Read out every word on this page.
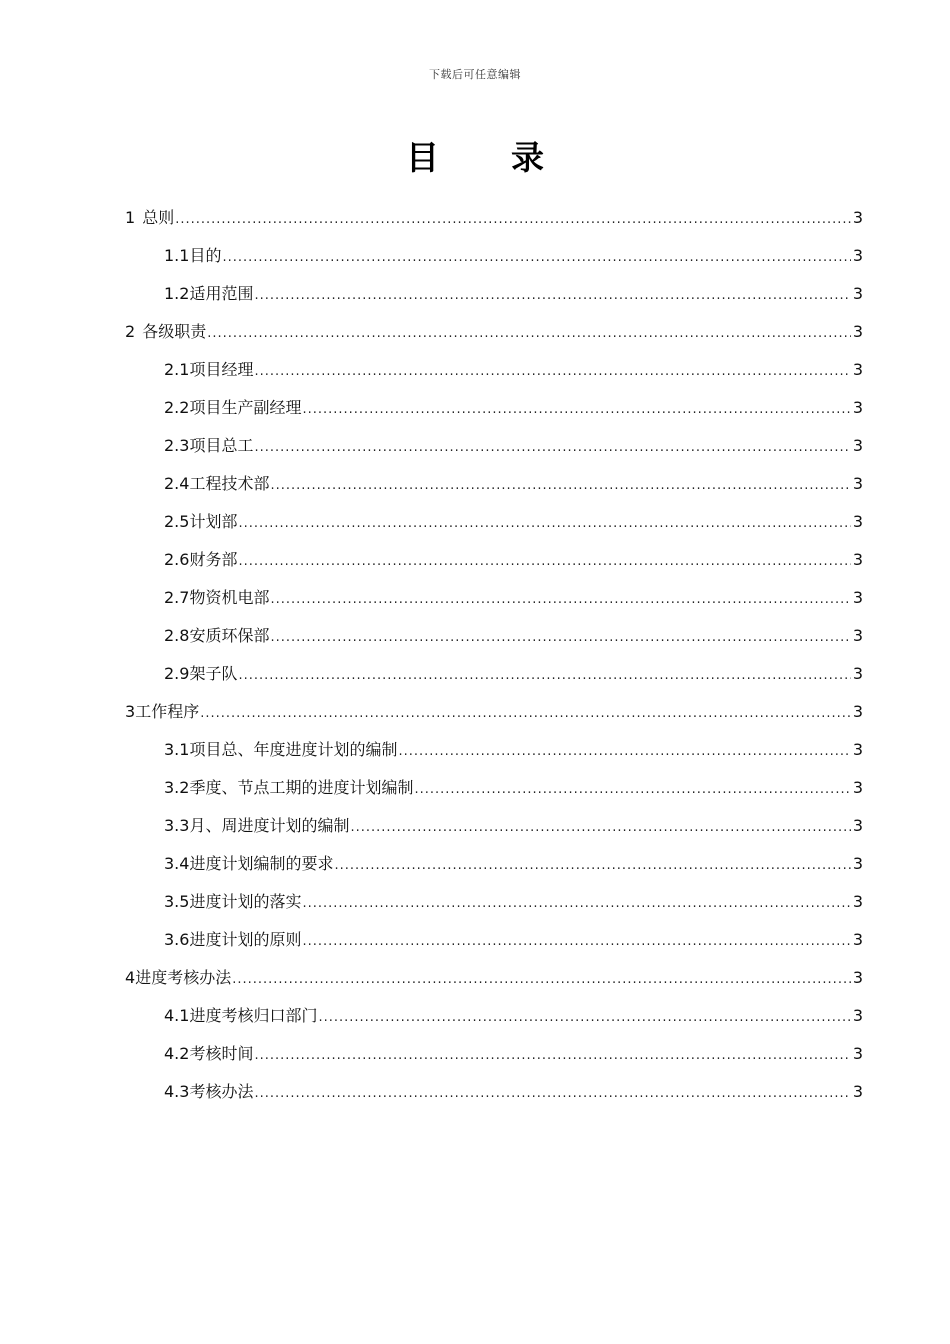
下载后可任意编辑
目 录
1 总则 .....	3
1.1 目的 .....	3
1.2 适用范围 .....	3
2 各级职责 .....	3
2.1 项目经理 .....	3
2.2 项目生产副经理 .....	3
2.3 项目总工 .....	3
2.4 工程技术部 .....	3
2.5 计划部 .....	3
2.6 财务部 .....	3
2.7 物资机电部 .....	3
2.8 安质环保部 .....	3
2.9 架子队 .....	3
3 工作程序 .....	3
3.1 项目总、年度进度计划的编制 .....	3
3.2 季度、节点工期的进度计划编制 .....	3
3.3 月、周进度计划的编制 .....	3
3.4 进度计划编制的要求 .....	3
3.5 进度计划的落实 .....	3
3.6 进度计划的原则 .....	3
4 进度考核办法 .....	3
4.1 进度考核归口部门 .....	3
4.2 考核时间 .....	3
4.3 考核办法 .....	3
